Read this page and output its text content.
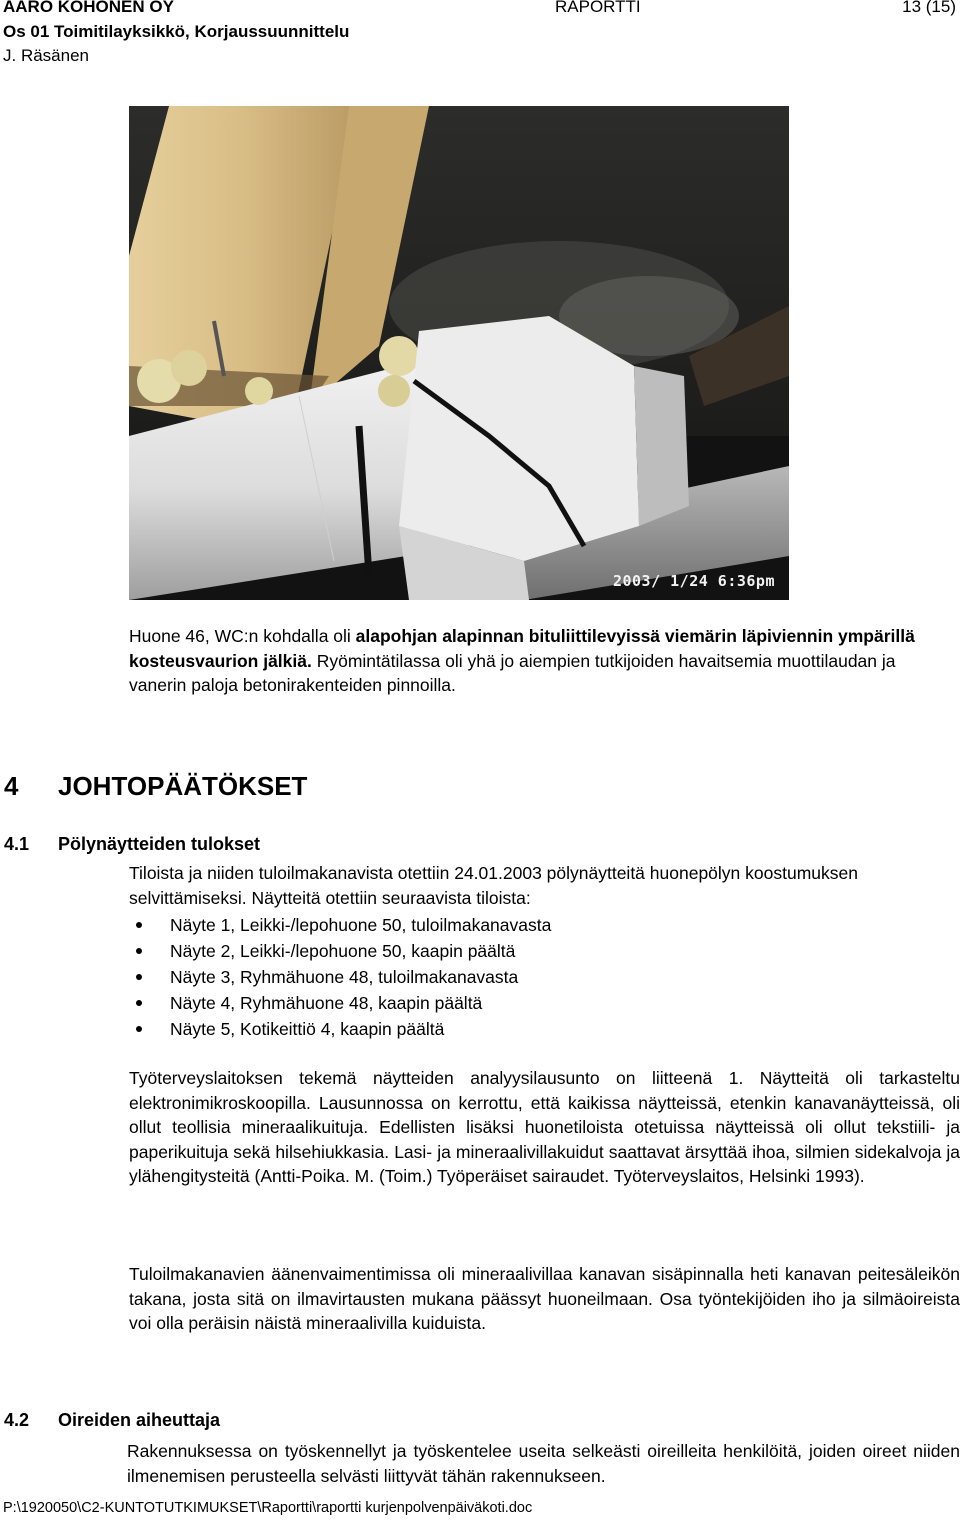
AARO KOHONEN OY	RAPORTTI	13 (15)
Os 01 Toimitilayksikkö, Korjaussuunnittelu
J. Räsänen
2003/ 1/24 6:36pm
Huone 46, WC:n kohdalla oli alapohjan alapinnan bituliittilevyissä viemärin läpiviennin ympärillä kosteusvaurion jälkiä. Ryömintätilassa oli yhä jo aiempien tutkijoiden havaitsemia muottilaudan ja vanerin paloja betonirakenteiden pinnoilla.
4 JOHTOPÄÄTÖKSET
4.1 Pölynäytteiden tulokset
Tiloista ja niiden tuloilmakanavista otettiin 24.01.2003 pölynäytteitä huonepölyn koostumuksen selvittämiseksi. Näytteitä otettiin seuraavista tiloista:
Näyte 1, Leikki-/lepohuone 50, tuloilmakanavasta
Näyte 2, Leikki-/lepohuone 50, kaapin päältä
Näyte 3, Ryhmähuone 48, tuloilmakanavasta
Näyte 4, Ryhmähuone 48, kaapin päältä
Näyte 5, Kotikeittiö 4, kaapin päältä
Työterveyslaitoksen tekemä näytteiden analyysilausunto on liitteenä 1. Näytteitä oli tarkasteltu elektronimikroskoopilla. Lausunnossa on kerrottu, että kaikissa näytteissä, etenkin kanavanäytteissä, oli ollut teollisia mineraalikuituja. Edellisten lisäksi huonetiloista otetuissa näytteissä oli ollut tekstiili- ja paperikuituja sekä hilsehiukkasia. Lasi- ja mineraalivillakuidut saattavat ärsyttää ihoa, silmien sidekalvoja ja ylähengitysteitä (Antti-Poika. M. (Toim.) Työperäiset sairaudet. Työterveyslaitos, Helsinki 1993).
Tuloilmakanavien äänenvaimentimissa oli mineraalivillaa kanavan sisäpinnalla heti kanavan peitesäleikön takana, josta sitä on ilmavirtausten mukana päässyt huoneilmaan. Osa työntekijöiden iho ja silmäoireista voi olla peräisin näistä mineraalivilla kuiduista.
4.2 Oireiden aiheuttaja
Rakennuksessa on työskennellyt ja työskentelee useita selkeästi oireilleita henkilöitä, joiden oireet niiden ilmenemisen perusteella selvästi liittyvät tähän rakennukseen.
P:\1920050\C2-KUNTOTUTKIMUKSET\Raportti\raportti kurjenpolvenpäiväkoti.doc
